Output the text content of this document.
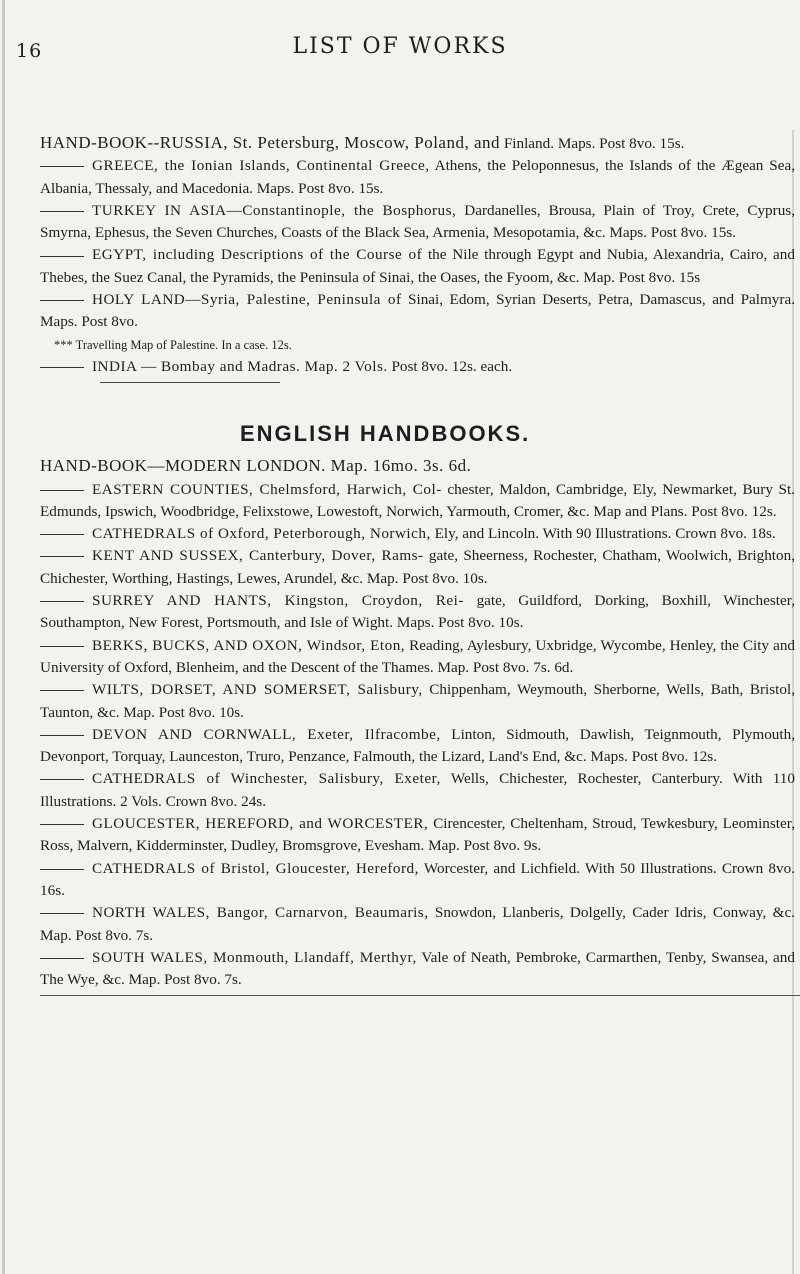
16	LIST OF WORKS

HAND-BOOK--RUSSIA, St. Petersburg, Moscow, Poland, and Finland. Maps. Post 8vo. 15s.

GREECE, the Ionian Islands, Continental Greece, Athens, the Peloponnesus, the Islands of the Ægean Sea, Albania, Thessaly, and Macedonia. Maps. Post 8vo. 15s.

TURKEY IN ASIA—Constantinople, the Bosphorus, Dardanelles, Brousa, Plain of Troy, Crete, Cyprus, Smyrna, Ephesus, the Seven Churches, Coasts of the Black Sea, Armenia, Mesopotamia, &c. Maps. Post 8vo. 15s.

EGYPT, including Descriptions of the Course of the Nile through Egypt and Nubia, Alexandria, Cairo, and Thebes, the Suez Canal, the Pyramids, the Peninsula of Sinai, the Oases, the Fyoom, &c. Map. Post 8vo. 15s

HOLY LAND—Syria, Palestine, Peninsula of Sinai, Edom, Syrian Deserts, Petra, Damascus, and Palmyra. Maps. Post 8vo.

*** Travelling Map of Palestine. In a case. 12s.

INDIA — Bombay and Madras. Map. 2 Vols. Post 8vo. 12s. each.

ENGLISH HANDBOOKS.

HAND-BOOK—MODERN LONDON. Map. 16mo. 3s. 6d.

EASTERN COUNTIES, Chelmsford, Harwich, Col- chester, Maldon, Cambridge, Ely, Newmarket, Bury St. Edmunds, Ipswich, Woodbridge, Felixstowe, Lowestoft, Norwich, Yarmouth, Cromer, &c. Map and Plans. Post 8vo. 12s.

CATHEDRALS of Oxford, Peterborough, Norwich, Ely, and Lincoln. With 90 Illustrations. Crown 8vo. 18s.

KENT AND SUSSEX, Canterbury, Dover, Rams- gate, Sheerness, Rochester, Chatham, Woolwich, Brighton, Chichester, Worthing, Hastings, Lewes, Arundel, &c. Map. Post 8vo. 10s.

SURREY AND HANTS, Kingston, Croydon, Rei- gate, Guildford, Dorking, Boxhill, Winchester, Southampton, New Forest, Portsmouth, and Isle of Wight. Maps. Post 8vo. 10s.

BERKS, BUCKS, AND OXON, Windsor, Eton, Reading, Aylesbury, Uxbridge, Wycombe, Henley, the City and University of Oxford, Blenheim, and the Descent of the Thames. Map. Post 8vo. 7s. 6d.

WILTS, DORSET, AND SOMERSET, Salisbury, Chippenham, Weymouth, Sherborne, Wells, Bath, Bristol, Taunton, &c. Map. Post 8vo. 10s.

DEVON AND CORNWALL, Exeter, Ilfracombe, Linton, Sidmouth, Dawlish, Teignmouth, Plymouth, Devonport, Torquay, Launceston, Truro, Penzance, Falmouth, the Lizard, Land's End, &c. Maps. Post 8vo. 12s.

CATHEDRALS of Winchester, Salisbury, Exeter, Wells, Chichester, Rochester, Canterbury. With 110 Illustrations. 2 Vols. Crown 8vo. 24s.

GLOUCESTER, HEREFORD, and WORCESTER, Cirencester, Cheltenham, Stroud, Tewkesbury, Leominster, Ross, Malvern, Kidderminster, Dudley, Bromsgrove, Evesham. Map. Post 8vo. 9s.

CATHEDRALS of Bristol, Gloucester, Hereford, Worcester, and Lichfield. With 50 Illustrations. Crown 8vo. 16s.

NORTH WALES, Bangor, Carnarvon, Beaumaris, Snowdon, Llanberis, Dolgelly, Cader Idris, Conway, &c. Map. Post 8vo. 7s.

SOUTH WALES, Monmouth, Llandaff, Merthyr, Vale of Neath, Pembroke, Carmarthen, Tenby, Swansea, and The Wye, &c. Map. Post 8vo. 7s.
